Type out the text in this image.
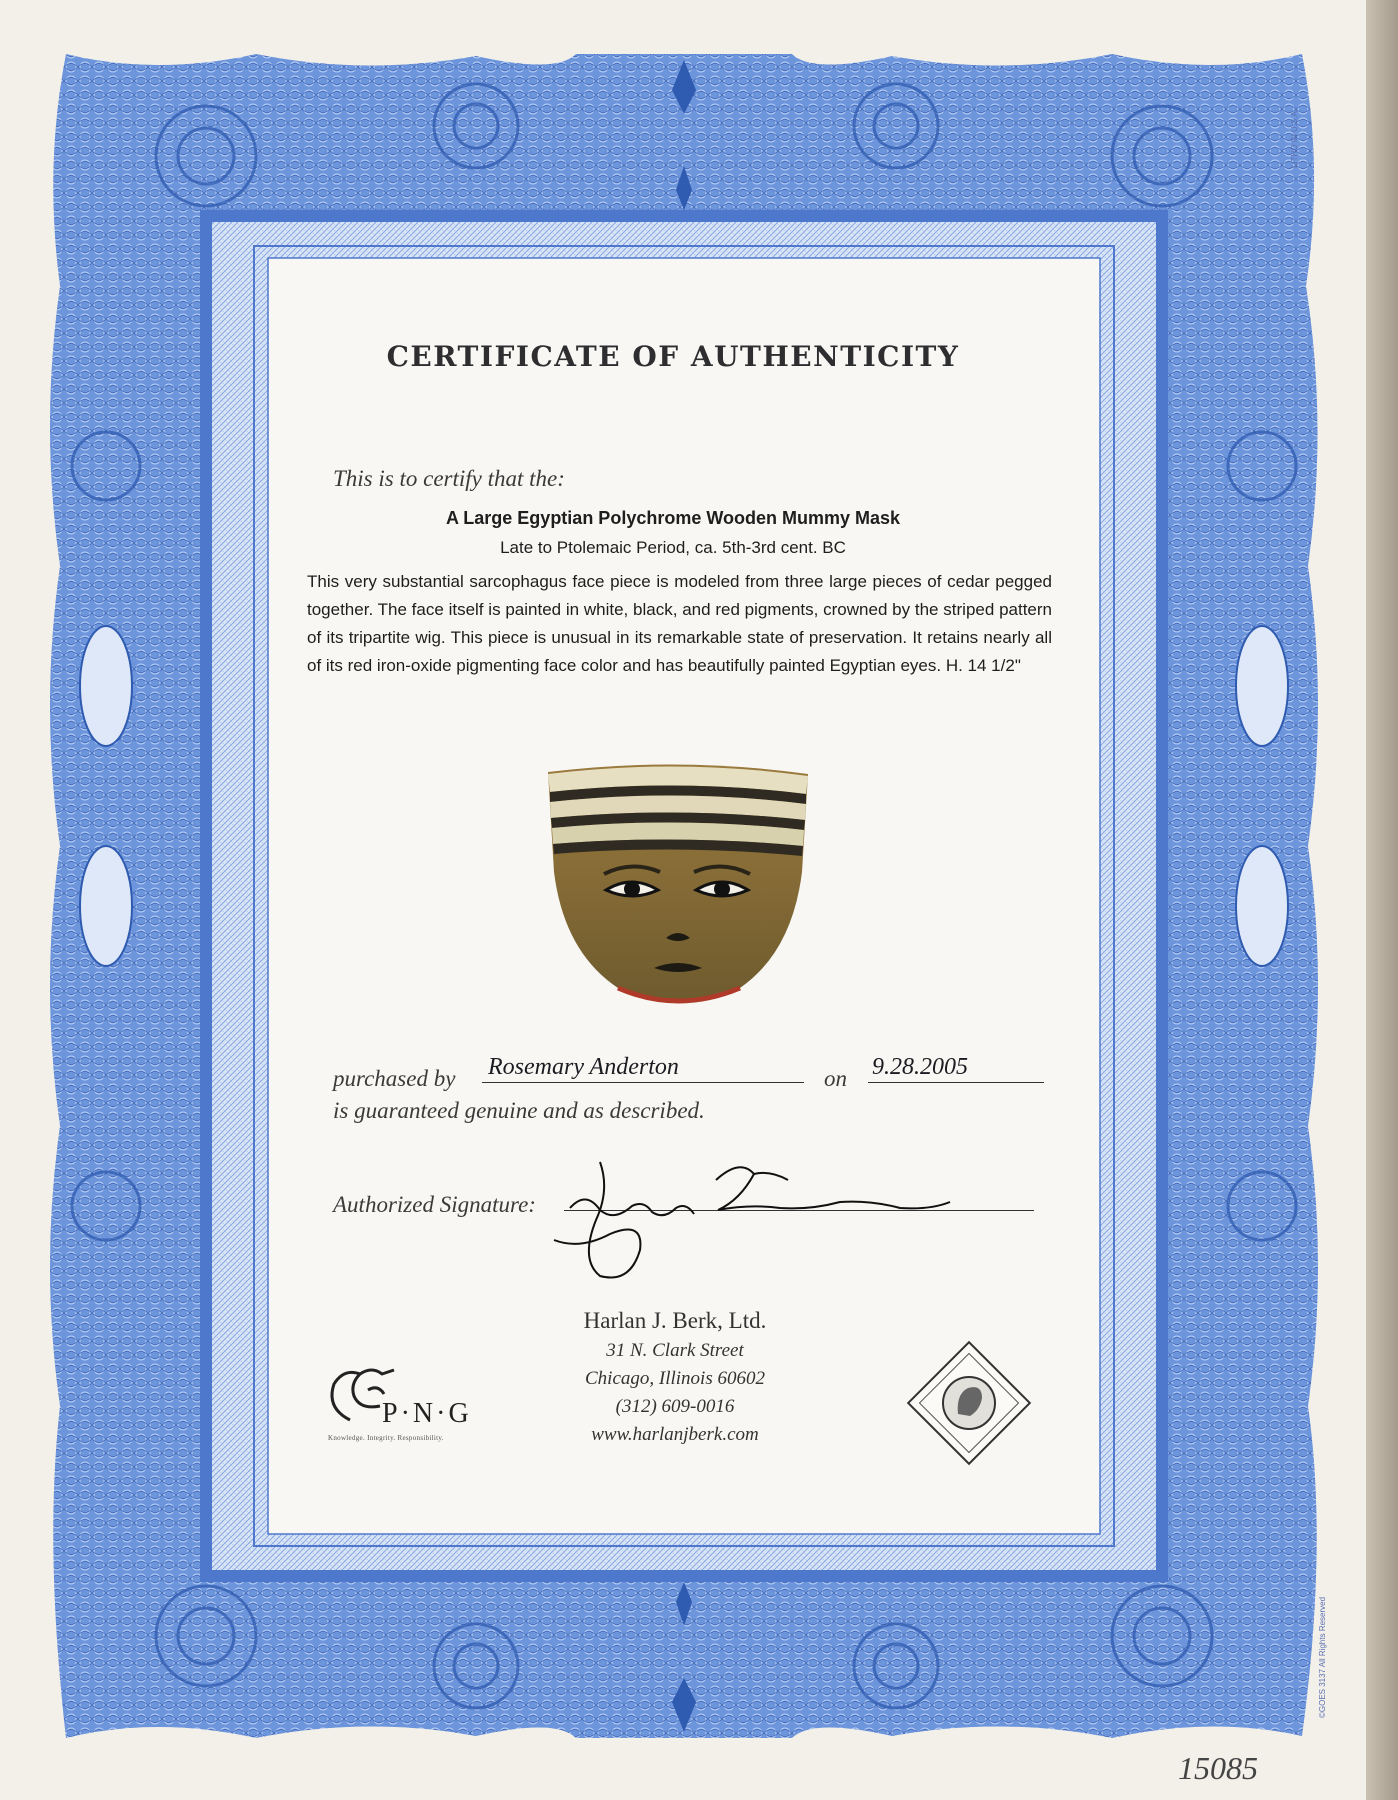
CERTIFICATE OF AUTHENTICITY
This is to certify that the:
A Large Egyptian Polychrome Wooden Mummy Mask
Late to Ptolemaic Period, ca. 5th-3rd cent. BC
This very substantial sarcophagus face piece is modeled from three large pieces of cedar pegged together. The face itself is painted in white, black, and red pigments, crowned by the striped pattern of its tripartite wig. This piece is unusual in its remarkable state of preservation. It retains nearly all of its red iron-oxide pigmenting face color and has beautifully painted Egyptian eyes. H. 14 1/2"
purchased by Rosemary Anderton	on 9.28.2005
is guaranteed genuine and as described.
Authorized Signature:
Harlan J. Berk, Ltd.
31 N. Clark Street
Chicago, Illinois 60602
(312) 609-0016
www.harlanjberk.com
P·N·G
Knowledge. Integrity. Responsibility.
LITHO IN U.S.A.
©GOES 3137 All Rights Reserved
15085
